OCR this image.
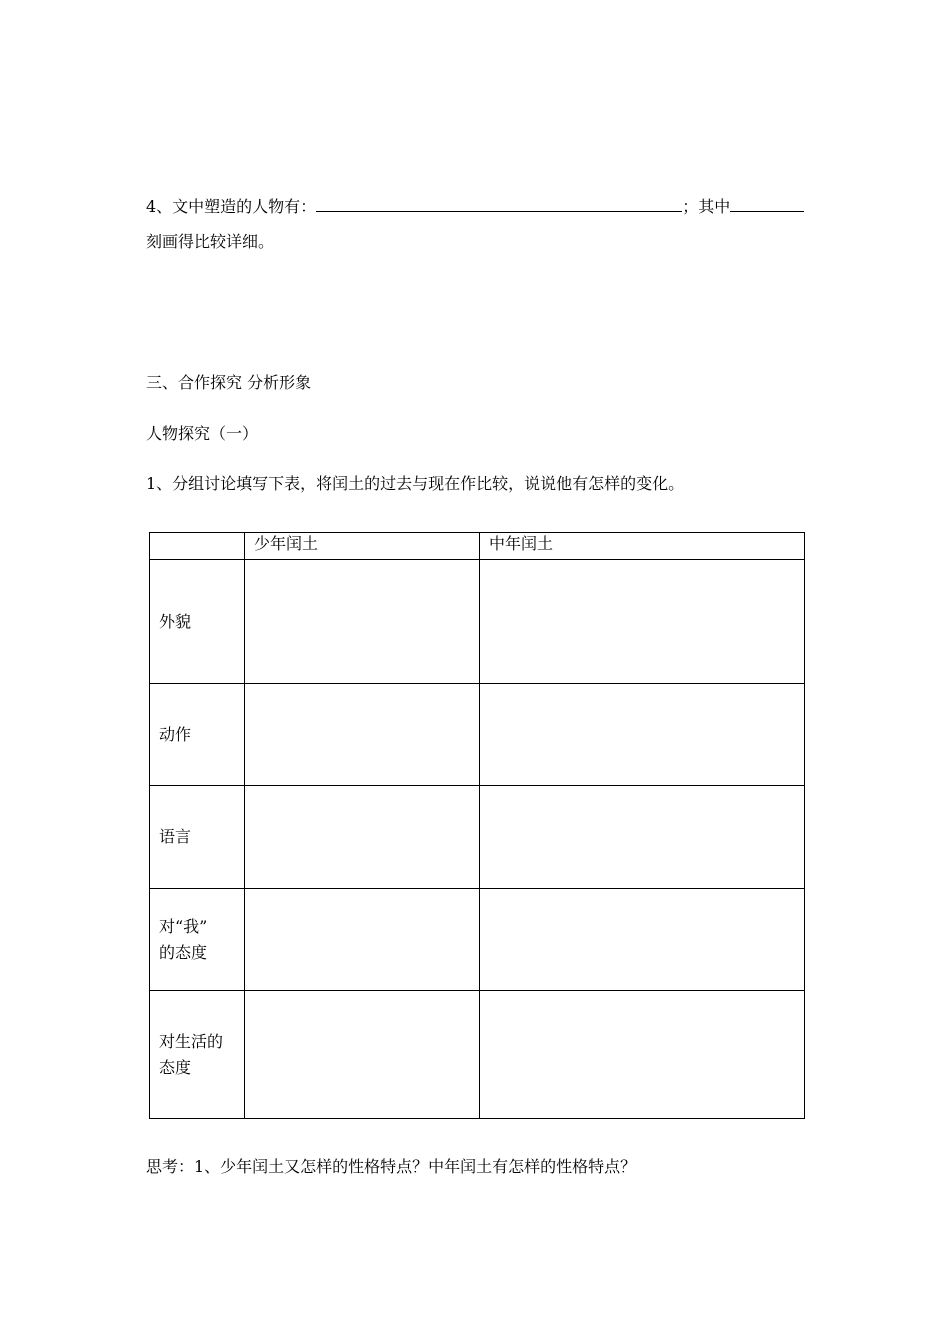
4、文中塑造的人物有：	；其中
刻画得比较详细。
三、合作探究 分析形象
人物探究（一）
1、分组讨论填写下表，将闰土的过去与现在作比较，说说他有怎样的变化。
	少年闰土	中年闰土

外貌		

动作		

语言		

对“我”
的态度		

对生活的
态度		

思考：1、少年闰土又怎样的性格特点？中年闰土有怎样的性格特点？
